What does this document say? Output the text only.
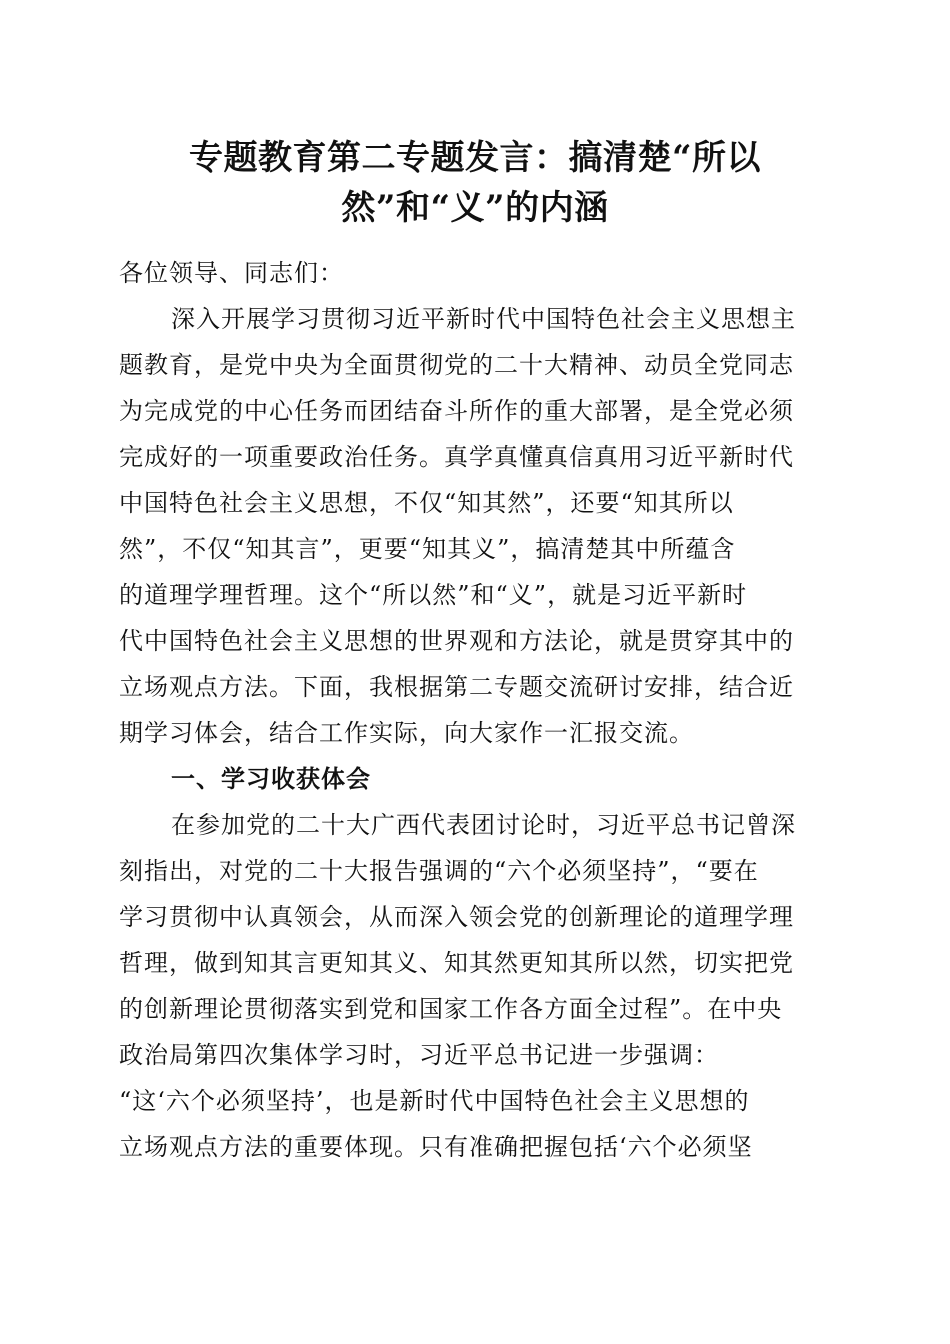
专题教育第二专题发言：搞清楚“所以
然”和“义”的内涵
各位领导、同志们：
深入开展学习贯彻习近平新时代中国特色社会主义思想主
题教育，是党中央为全面贯彻党的二十大精神、动员全党同志
为完成党的中心任务而团结奋斗所作的重大部署，是全党必须
完成好的一项重要政治任务。真学真懂真信真用习近平新时代
中国特色社会主义思想，不仅“知其然”，还要“知其所以
然”，不仅“知其言”，更要“知其义”，搞清楚其中所蕴含
的道理学理哲理。这个“所以然”和“义”，就是习近平新时
代中国特色社会主义思想的世界观和方法论，就是贯穿其中的
立场观点方法。下面，我根据第二专题交流研讨安排，结合近
期学习体会，结合工作实际，向大家作一汇报交流。
一、学习收获体会
在参加党的二十大广西代表团讨论时，习近平总书记曾深
刻指出，对党的二十大报告强调的“六个必须坚持”，“要在
学习贯彻中认真领会，从而深入领会党的创新理论的道理学理
哲理，做到知其言更知其义、知其然更知其所以然，切实把党
的创新理论贯彻落实到党和国家工作各方面全过程”。在中央
政治局第四次集体学习时，习近平总书记进一步强调：
“这‘六个必须坚持’，也是新时代中国特色社会主义思想的
立场观点方法的重要体现。只有准确把握包括‘六个必须坚
